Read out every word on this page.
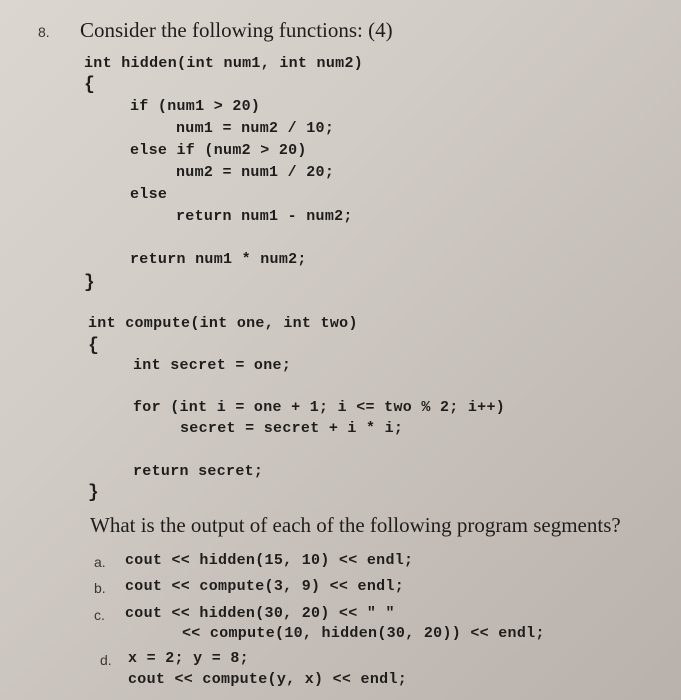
8. Consider the following functions: (4)
int hidden(int num1, int num2)
{
if (num1 > 20)
num1 = num2 / 10;
else if (num2 > 20)
num2 = num1 / 20;
else
return num1 - num2;
return num1 * num2;
}
int compute(int one, int two)
{
int secret = one;
for (int i = one + 1; i <= two % 2; i++)
secret = secret + i * i;
return secret;
}
What is the output of each of the following program segments?
a. cout << hidden(15, 10) << endl;
b. cout << compute(3, 9) << endl;
c. cout << hidden(30, 20) << " "
<< compute(10, hidden(30, 20)) << endl;
d. x = 2; y = 8;
cout << compute(y, x) << endl;
